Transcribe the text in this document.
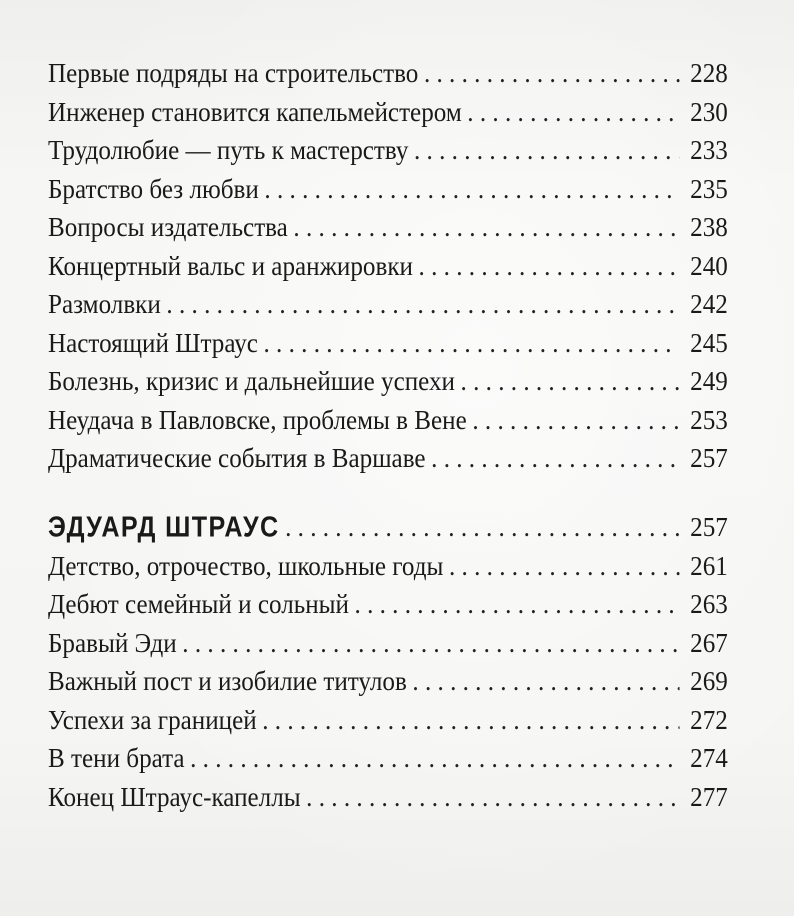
Первые подряды на строительство . . .	228
Инженер становится капельмейстером . . .	230
Трудолюбие — путь к мастерству . . .	233
Братство без любви . . .	235
Вопросы издательства . . .	238
Концертный вальс и аранжировки . . .	240
Размолвки . . .	242
Настоящий Штраус . . .	245
Болезнь, кризис и дальнейшие успехи . . .	249
Неудача в Павловске, проблемы в Вене . . .	253
Драматические события в Варшаве . . .	257
ЭДУАРД ШТРАУС . . .	257
Детство, отрочество, школьные годы . . .	261
Дебют семейный и сольный . . .	263
Бравый Эди . . .	267
Важный пост и изобилие титулов . . .	269
Успехи за границей . . .	272
В тени брата . . .	274
Конец Штраус-капеллы . . .	277
